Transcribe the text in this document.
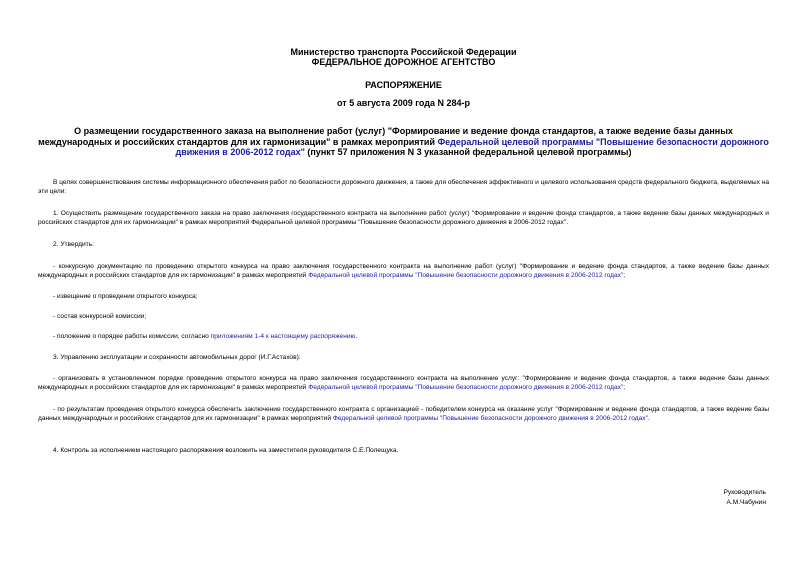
Министерство транспорта Российской Федерации
ФЕДЕРАЛЬНОЕ ДОРОЖНОЕ АГЕНТСТВО
РАСПОРЯЖЕНИЕ
от 5 августа 2009 года N 284-р
О размещении государственного заказа на выполнение работ (услуг) "Формирование и ведение фонда стандартов, а также ведение базы данных международных и российских стандартов для их гармонизации" в рамках мероприятий Федеральной целевой программы "Повышение безопасности дорожного движения в 2006-2012 годах" (пункт 57 приложения N 3 указанной федеральной целевой программы)
В целях совершенствования системы информационного обеспечения работ по безопасности дорожного движения, а также для обеспечения эффективного и целевого использования средств федерального бюджета, выделяемых на эти цели:
1. Осуществить размещение государственного заказа на право заключения государственного контракта на выполнение работ (услуг) "Формирование и ведение фонда стандартов, а также ведение базы данных международных и российских стандартов для их гармонизации" в рамках мероприятий Федеральной целевой программы "Повышение безопасности дорожного движения в 2006-2012 годах".
2. Утвердить:
- конкурсную документацию по проведению открытого конкурса на право заключения государственного контракта на выполнение работ (услуг) "Формирование и ведение фонда стандартов, а также ведение базы данных международных и российских стандартов для их гармонизации" в рамках мероприятий Федеральной целевой программы "Повышение безопасности дорожного движения в 2006-2012 годах";
- извещение о проведении открытого конкурса;
- состав конкурсной комиссии;
- положение о порядке работы комиссии, согласно приложениям 1-4 к настоящему распоряжению.
3. Управлению эксплуатации и сохранности автомобильных дорог (И.Г.Астахов):
- организовать в установленном порядке проведение открытого конкурса на право заключения государственного контракта на выполнение услуг: "Формирование и ведение фонда стандартов, а также ведение базы данных международных и российских стандартов для их гармонизации" в рамках мероприятий Федеральной целевой программы "Повышение безопасности дорожного движения в 2006-2012 годах";
- по результатам проведения открытого конкурса обеспечить заключение государственного контракта с организацией - победителем конкурса на оказание услуг "Формирование и ведение фонда стандартов, а также ведение базы данных международных и российских стандартов для их гармонизации" в рамках мероприятий Федеральной целевой программы "Повышение безопасности дорожного движения в 2006-2012 годах".
4. Контроль за исполнением настоящего распоряжения возложить на заместителя руководителя С.Е.Полещука.
Руководитель
А.М.Чабунин
